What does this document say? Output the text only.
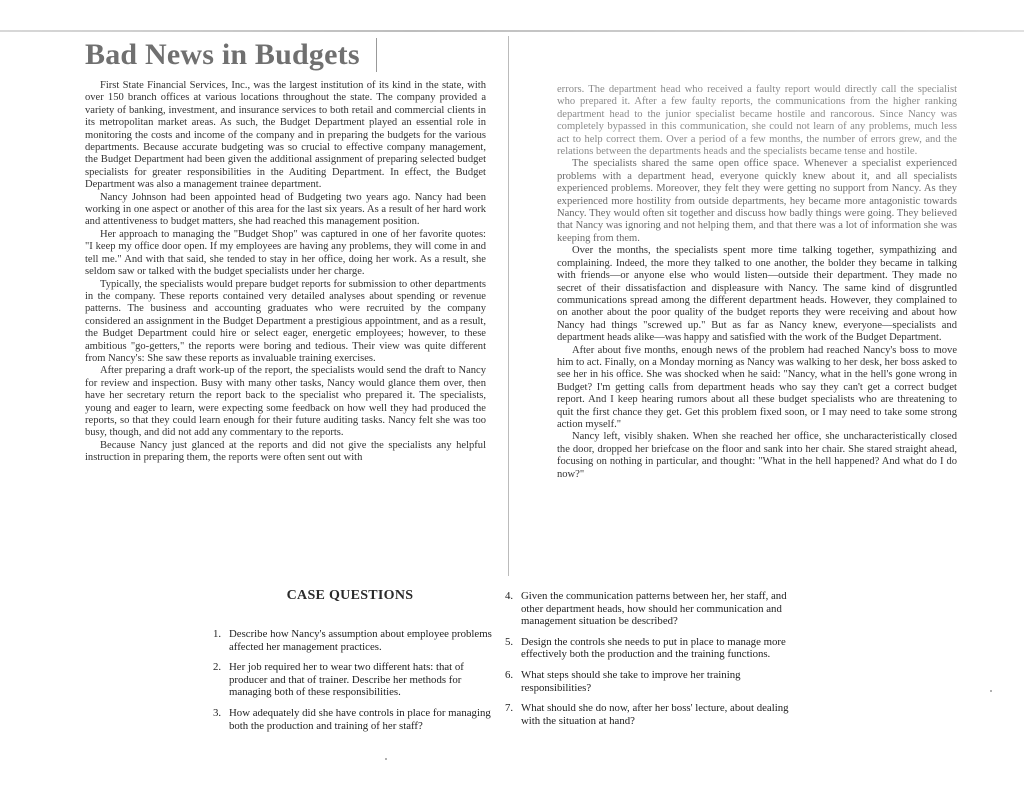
Bad News in Budgets

First State Financial Services, Inc., was the largest institution of its kind in the state, with over 150 branch offices at various locations throughout the state. The company provided a variety of banking, investment, and insurance services to both retail and commercial clients in its metropolitan market areas. As such, the Budget Department played an essential role in monitoring the costs and income of the company and in preparing the budgets for the various departments. Because accurate budgeting was so crucial to effective company management, the Budget Department had been given the additional assignment of preparing selected budget specialists for greater responsibilities in the Auditing Department. In effect, the Budget Department was also a management trainee department.

Nancy Johnson had been appointed head of Budgeting two years ago. Nancy had been working in one aspect or another of this area for the last six years. As a result of her hard work and attentiveness to budget matters, she had reached this management position.

Her approach to managing the "Budget Shop" was captured in one of her favorite quotes: "I keep my office door open. If my employees are having any problems, they will come in and tell me." And with that said, she tended to stay in her office, doing her work. As a result, she seldom saw or talked with the budget specialists under her charge.

Typically, the specialists would prepare budget reports for submission to other departments in the company. These reports contained very detailed analyses about spending or revenue patterns. The business and accounting graduates who were recruited by the company considered an assignment in the Budget Department a prestigious appointment, and as a result, the Budget Department could hire or select eager, energetic employees; however, to these ambitious "go-getters," the reports were boring and tedious. Their view was quite different from Nancy's: She saw these reports as invaluable training exercises.

After preparing a draft work-up of the report, the specialists would send the draft to Nancy for review and inspection. Busy with many other tasks, Nancy would glance them over, then have her secretary return the report back to the specialist who prepared it. The specialists, young and eager to learn, were expecting some feedback on how well they had produced the reports, so that they could learn enough for their future auditing tasks. Nancy felt she was too busy, though, and did not add any commentary to the reports.

Because Nancy just glanced at the reports and did not give the specialists any helpful instruction in preparing them, the reports were often sent out with

errors. The department head who received a faulty report would directly call the specialist who prepared it. After a few faulty reports, the communications from the higher ranking department head to the junior specialist became hostile and rancorous. Since Nancy was completely bypassed in this communication, she could not learn of any problems, much less act to help correct them. Over a period of a few months, the number of errors grew, and the relations between the departments heads and the specialists became tense and hostile.

The specialists shared the same open office space. Whenever a specialist experienced problems with a department head, everyone quickly knew about it, and all specialists experienced problems. Moreover, they felt they were getting no support from Nancy. As they experienced more hostility from outside departments, hey became more antagonistic towards Nancy. They would often sit together and discuss how badly things were going. They believed that Nancy was ignoring and not helping them, and that there was a lot of information she was keeping from them.

Over the months, the specialists spent more time talking together, sympathizing and complaining. Indeed, the more they talked to one another, the bolder they became in talking with friends—or anyone else who would listen—outside their department. They made no secret of their dissatisfaction and displeasure with Nancy. The same kind of disgruntled communications spread among the different department heads. However, they complained to on another about the poor quality of the budget reports they were receiving and about how Nancy had things "screwed up." But as far as Nancy knew, everyone—specialists and department heads alike—was happy and satisfied with the work of the Budget Department.

After about five months, enough news of the problem had reached Nancy's boss to move him to act. Finally, on a Monday morning as Nancy was walking to her desk, her boss asked to see her in his office. She was shocked when he said: "Nancy, what in the hell's gone wrong in Budget? I'm getting calls from department heads who say they can't get a correct budget report. And I keep hearing rumors about all these budget specialists who are threatening to quit the first chance they get. Get this problem fixed soon, or I may need to take some strong action myself."

Nancy left, visibly shaken. When she reached her office, she uncharacteristically closed the door, dropped her briefcase on the floor and sank into her chair. She stared straight ahead, focusing on nothing in particular, and thought: "What in the hell happened? And what do I do now?"

CASE QUESTIONS
1. Describe how Nancy's assumption about employee problems affected her management practices.
2. Her job required her to wear two different hats: that of producer and that of trainer. Describe her methods for managing both of these responsibilities.
3. How adequately did she have controls in place for managing both the production and training of her staff?
4. Given the communication patterns between her, her staff, and other department heads, how should her communication and management situation be described?
5. Design the controls she needs to put in place to manage more effectively both the production and the training functions.
6. What steps should she take to improve her training responsibilities?
7. What should she do now, after her boss' lecture, about dealing with the situation at hand?
